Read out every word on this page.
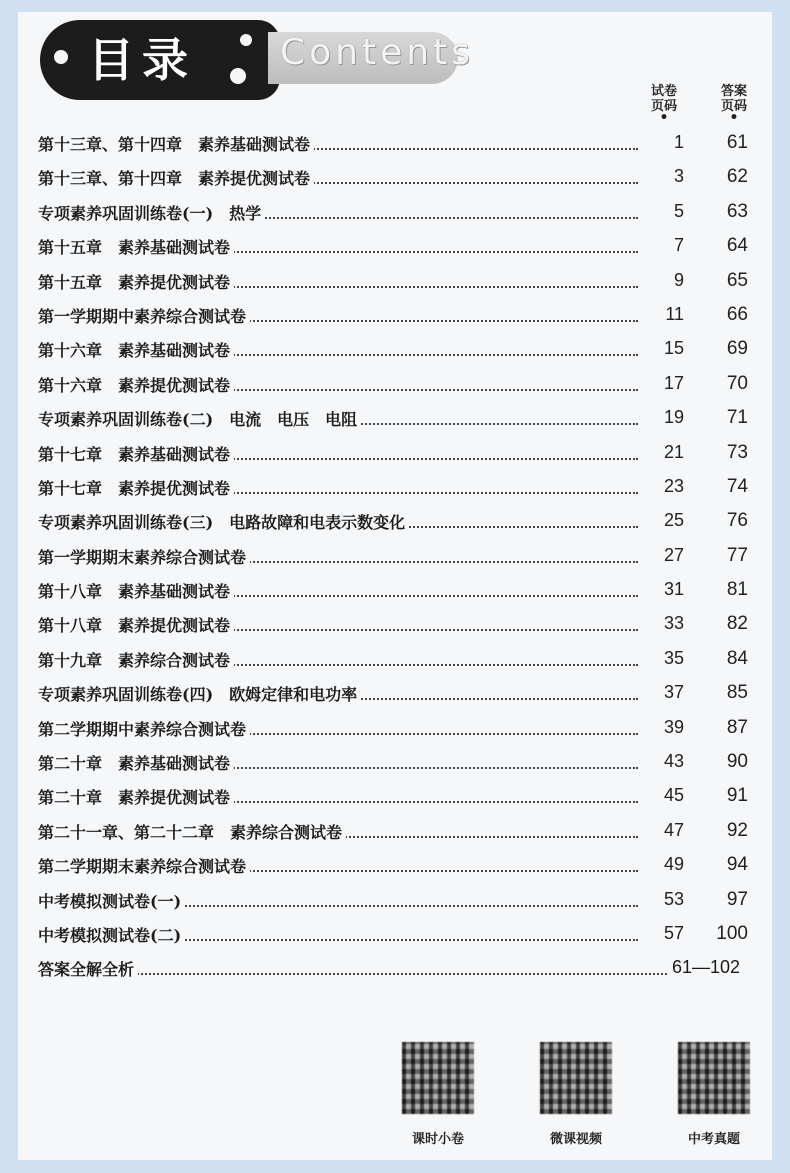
目录 Contents
试卷
页码
•
答案
页码
•
第十三章、第十四章　素养基础测试卷	1	61
第十三章、第十四章　素养提优测试卷	3	62
专项素养巩固训练卷(一)　热学	5	63
第十五章　素养基础测试卷	7	64
第十五章　素养提优测试卷	9	65
第一学期期中素养综合测试卷	11	66
第十六章　素养基础测试卷	15	69
第十六章　素养提优测试卷	17	70
专项素养巩固训练卷(二)　电流　电压　电阻	19	71
第十七章　素养基础测试卷	21	73
第十七章　素养提优测试卷	23	74
专项素养巩固训练卷(三)　电路故障和电表示数变化	25	76
第一学期期末素养综合测试卷	27	77
第十八章　素养基础测试卷	31	81
第十八章　素养提优测试卷	33	82
第十九章　素养综合测试卷	35	84
专项素养巩固训练卷(四)　欧姆定律和电功率	37	85
第二学期期中素养综合测试卷	39	87
第二十章　素养基础测试卷	43	90
第二十章　素养提优测试卷	45	91
第二十一章、第二十二章　素养综合测试卷	47	92
第二学期期末素养综合测试卷	49	94
中考模拟测试卷(一)	53	97
中考模拟测试卷(二)	57	100
答案全解全析	61—102
课时小卷	微课视频	中考真题
